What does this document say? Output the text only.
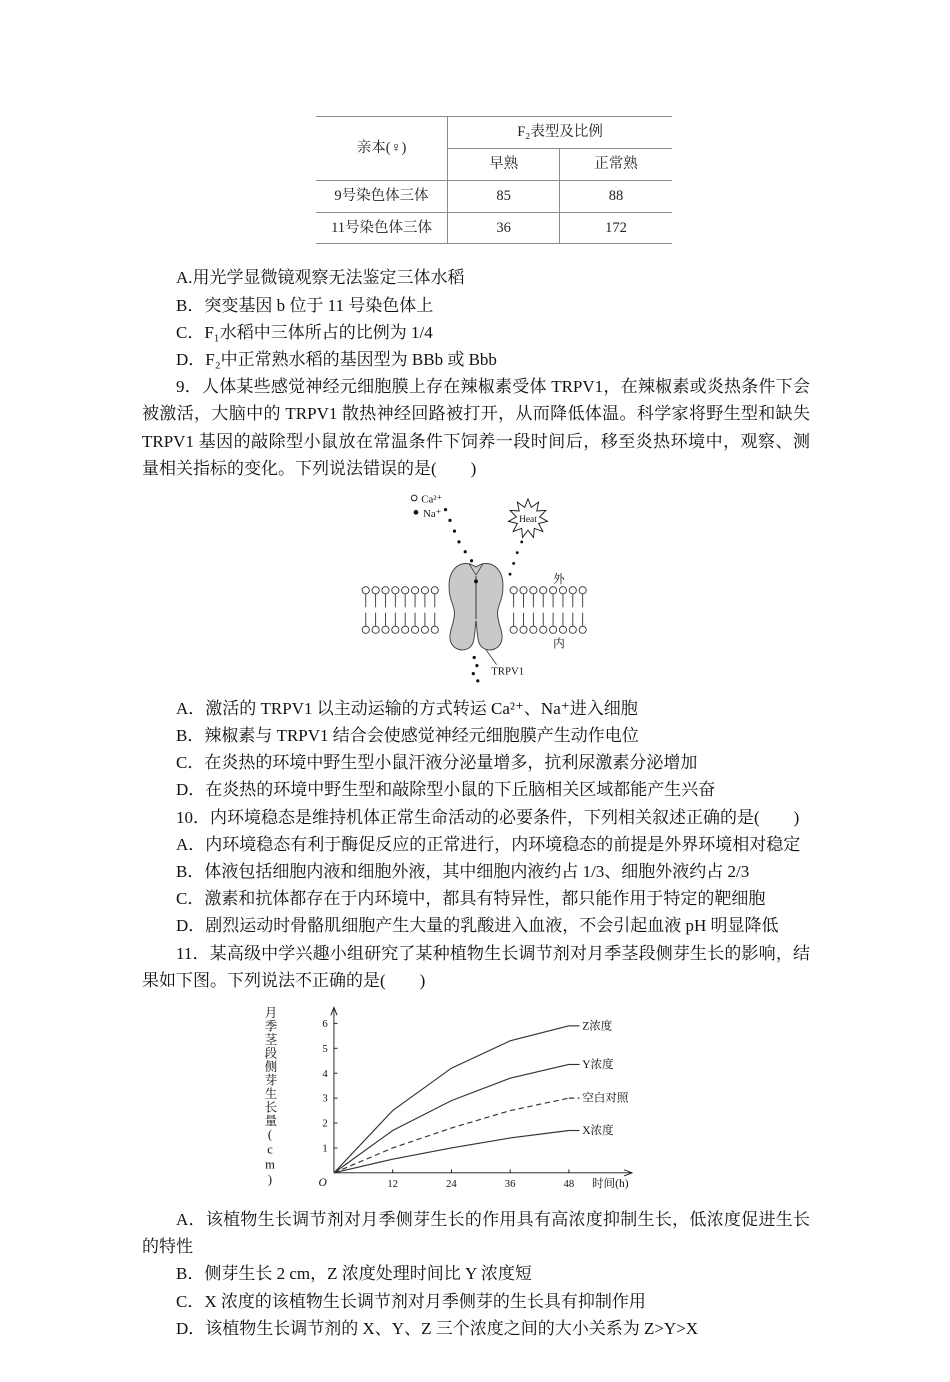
亲本(♀)	F₂表型及比例	
	早熟	正常熟
9号染色体三体	85	88
11号染色体三体	36	172

A.用光学显微镜观察无法鉴定三体水稻

B．突变基因 b 位于 11 号染色体上

C．F₁水稻中三体所占的比例为 1/4

D．F₂中正常熟水稻的基因型为 BBb 或 Bbb

9．人体某些感觉神经元细胞膜上存在辣椒素受体 TRPV1，在辣椒素或炎热条件下会被激活，大脑中的 TRPV1 散热神经回路被打开，从而降低体温。科学家将野生型和缺失TRPV1 基因的敲除型小鼠放在常温条件下饲养一段时间后，移至炎热环境中，观察、测量相关指标的变化。下列说法错误的是(　　)

Ca²⁺
Na⁺
Heat
外
内
TRPV1

A．激活的 TRPV1 以主动运输的方式转运 Ca²⁺、Na⁺进入细胞

B．辣椒素与 TRPV1 结合会使感觉神经元细胞膜产生动作电位

C．在炎热的环境中野生型小鼠汗液分泌量增多，抗利尿激素分泌增加

D．在炎热的环境中野生型和敲除型小鼠的下丘脑相关区域都能产生兴奋

10．内环境稳态是维持机体正常生命活动的必要条件，下列相关叙述正确的是(　　)

A．内环境稳态有利于酶促反应的正常进行，内环境稳态的前提是外界环境相对稳定

B．体液包括细胞内液和细胞外液，其中细胞内液约占 1/3、细胞外液约占 2/3

C．激素和抗体都存在于内环境中，都具有特异性，都只能作用于特定的靶细胞

D．剧烈运动时骨骼肌细胞产生大量的乳酸进入血液，不会引起血液 pH 明显降低

11．某高级中学兴趣小组研究了某种植物生长调节剂对月季茎段侧芽生长的影响，结果如下图。下列说法不正确的是(　　)

月季茎段侧芽生长量(cm)	1
2
3
4
5
6
12	24	36	48
O	时间(h)
Z浓度
Y浓度
空白对照
X浓度

A．该植物生长调节剂对月季侧芽生长的作用具有高浓度抑制生长，低浓度促进生长的特性

B．侧芽生长 2 cm，Z 浓度处理时间比 Y 浓度短

C．X 浓度的该植物生长调节剂对月季侧芽的生长具有抑制作用

D．该植物生长调节剂的 X、Y、Z 三个浓度之间的大小关系为 Z>Y>X
